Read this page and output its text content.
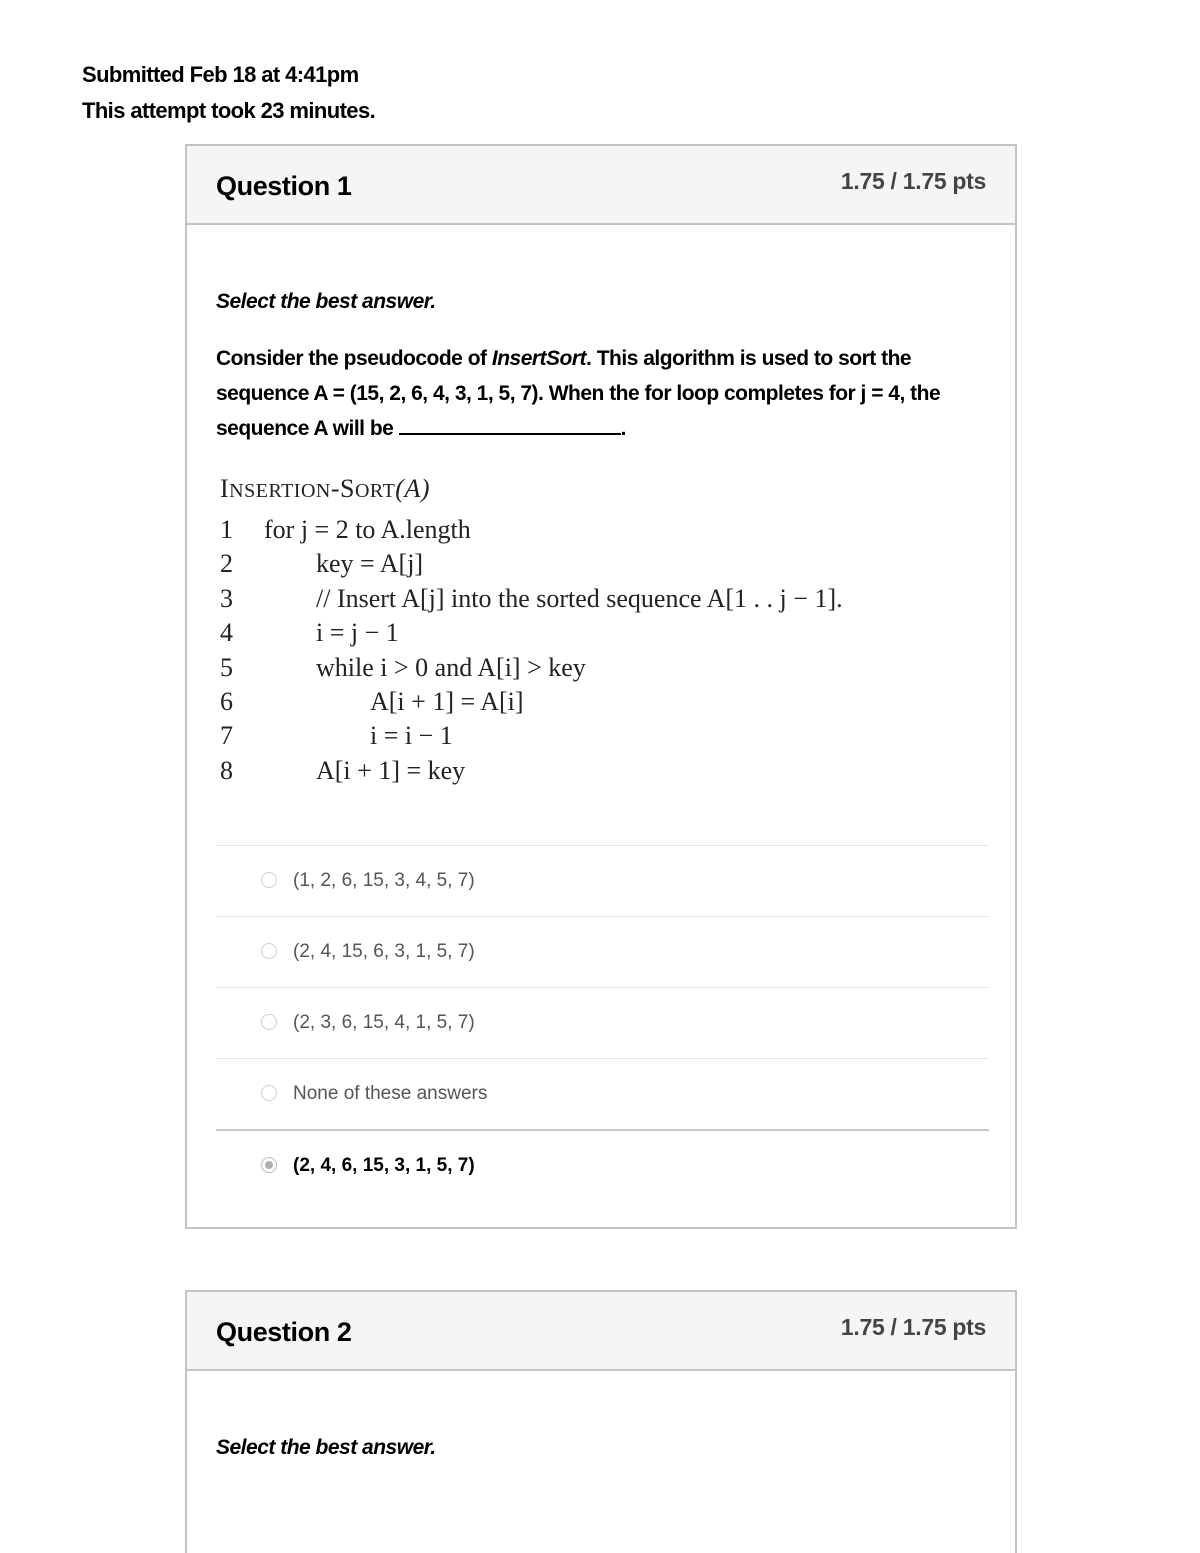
Submitted Feb 18 at 4:41pm
This attempt took 23 minutes.
Question 1	1.75 / 1.75 pts
Select the best answer.
Consider the pseudocode of InsertSort. This algorithm is used to sort the sequence A = (15, 2, 6, 4, 3, 1, 5, 7). When the for loop completes for j = 4, the sequence A will be	.
INSERTION-SORT(A)
1 for j = 2 to A.length
2	key = A[j]
3	// Insert A[j] into the sorted sequence A[1 . . j − 1].
4	i = j − 1
5	while i > 0 and A[i] > key
6	A[i + 1] = A[i]
7	i = i − 1
8	A[i + 1] = key
(1, 2, 6, 15, 3, 4, 5, 7)
(2, 4, 15, 6, 3, 1, 5, 7)
(2, 3, 6, 15, 4, 1, 5, 7)
None of these answers
(2, 4, 6, 15, 3, 1, 5, 7)
Question 2	1.75 / 1.75 pts
Select the best answer.
